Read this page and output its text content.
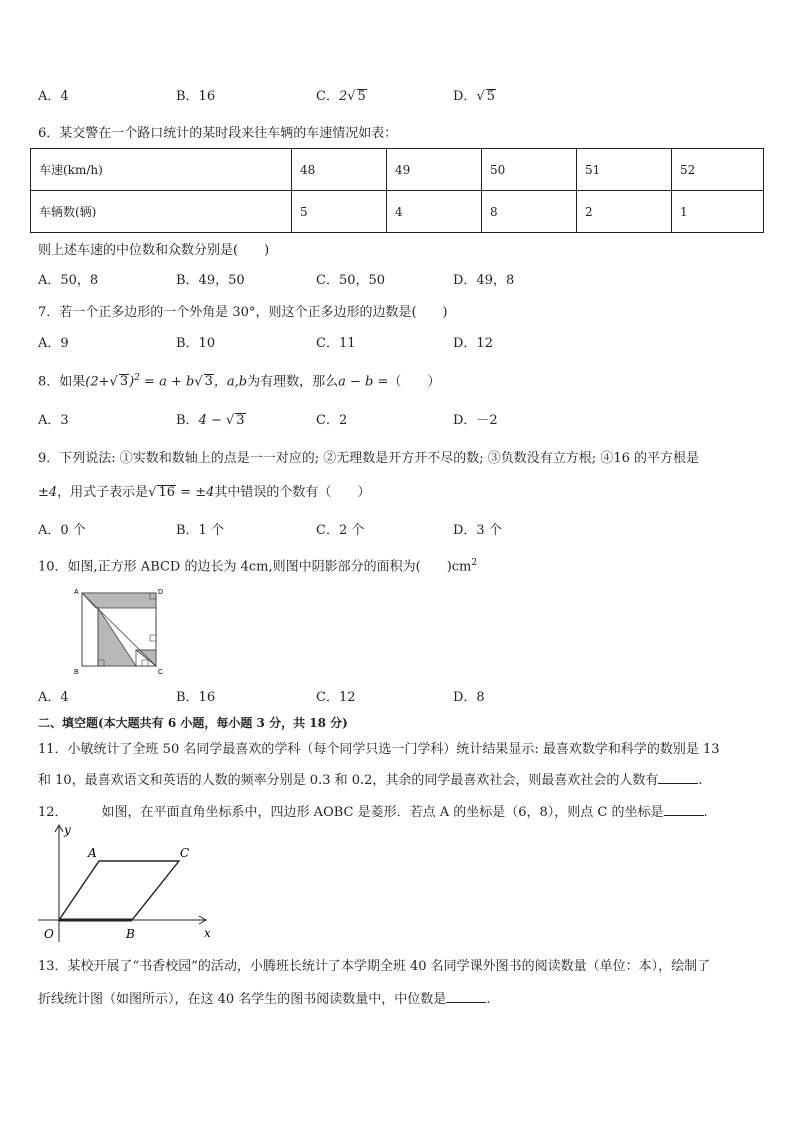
A．4	B．16	C．2√ 5	D．√ 5
6．某交警在一个路口统计的某时段来往车辆的车速情况如表：
车速(km/h)	48	49	50	51	52
车辆数(辆)	5	4	8	2	1
则上述车速的中位数和众数分别是(　　)
A．50，8	B．49，50	C．50，50	D．49，8
7．若一个正多边形的一个外角是 30°，则这个正多边形的边数是(　　)
A．9	B．10	C．11	D．12
8．如果(2+√ 3)$^2$ = a + b√ 3，a,b为有理数，那么a − b =（　　）
A．3	B．4 − √ 3	C．2	D．－2
9．下列说法: ①实数和数轴上的点是一一对应的; ②无理数是开方开不尽的数; ③负数没有立方根; ④16 的平方根是
±4，用式子表示是√ 16 = ±4其中错误的个数有（　　）
A．0 个	B．1 个	C．2 个	D．3 个
10．如图,正方形 ABCD 的边长为 4cm,则图中阴影部分的面积为(　　)$cm^2$
A	D
B	C
A．4	B．16	C．12	D．8
二、填空题(本大题共有 6 小题，每小题 3 分，共 18 分)
11．小敏统计了全班 50 名同学最喜欢的学科（每个同学只选一门学科）统计结果显示: 最喜欢数学和科学的数别是 13
和 10，最喜欢语文和英语的人数的频率分别是 0.3 和 0.2，其余的同学最喜欢社会，则最喜欢社会的人数有	.
12．	如图，在平面直角坐标系中，四边形 AOBC 是菱形．若点 A 的坐标是（6，8），则点 C 的坐标是	.
y
x
A	C
O	B
13．某校开展了“书香校园”的活动，小腾班长统计了本学期全班 40 名同学课外图书的阅读数量（单位：本），绘制了
折线统计图（如图所示），在这 40 名学生的图书阅读数量中，中位数是	.
